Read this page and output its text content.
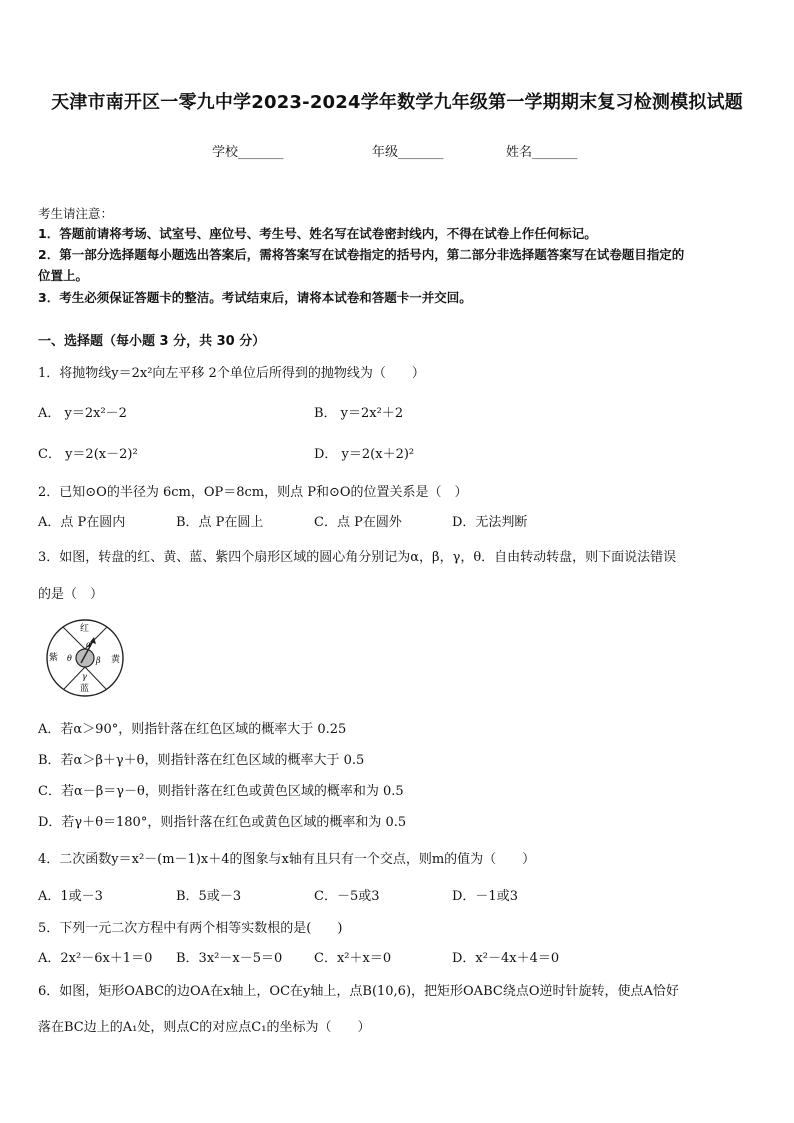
天津市南开区一零九中学2023-2024学年数学九年级第一学期期末复习检测模拟试题
学校_______	年级_______	姓名_______
考生请注意：
1．答题前请将考场、试室号、座位号、考生号、姓名写在试卷密封线内，不得在试卷上作任何标记。
2．第一部分选择题每小题选出答案后，需将答案写在试卷指定的括号内，第二部分非选择题答案写在试卷题目指定的
位置上。
3．考生必须保证答题卡的整洁。考试结束后，请将本试卷和答题卡一并交回。
一、选择题（每小题 3 分，共 30 分）
1．将抛物线y＝2x²向左平移 2个单位后所得到的抛物线为（　　）
A． y＝2x²－2	B． y＝2x²＋2
C． y＝2(x－2)²	D． y＝2(x＋2)²
2．已知⊙O的半径为 6cm，OP＝8cm，则点 P和⊙O的位置关系是（　）
A．点 P在圆内	B．点 P在圆上	C．点 P在圆外	D．无法判断
3．如图，转盘的红、黄、蓝、紫四个扇形区域的圆心角分别记为α，β，γ，θ．自由转动转盘，则下面说法错误
的是（　）
红
黄
蓝
紫
α
β
γ
θ
A．若α＞90°，则指针落在红色区域的概率大于 0.25
B．若α＞β＋γ＋θ，则指针落在红色区域的概率大于 0.5
C．若α－β＝γ－θ，则指针落在红色或黄色区域的概率和为 0.5
D．若γ＋θ＝180°，则指针落在红色或黄色区域的概率和为 0.5
4．二次函数y＝x²－(m－1)x＋4的图象与x轴有且只有一个交点，则m的值为（　　）
A．1或－3	B．5或－3	C．－5或3	D．－1或3
5．下列一元二次方程中有两个相等实数根的是(　　)
A．2x²－6x＋1＝0 B．3x²－x－5＝0 C．x²＋x＝0	D．x²－4x＋4＝0
6．如图，矩形OABC的边OA在x轴上，OC在y轴上，点B(10,6)，把矩形OABC绕点O逆时针旋转，使点A恰好
落在BC边上的A₁处，则点C的对应点C₁的坐标为（　　）
